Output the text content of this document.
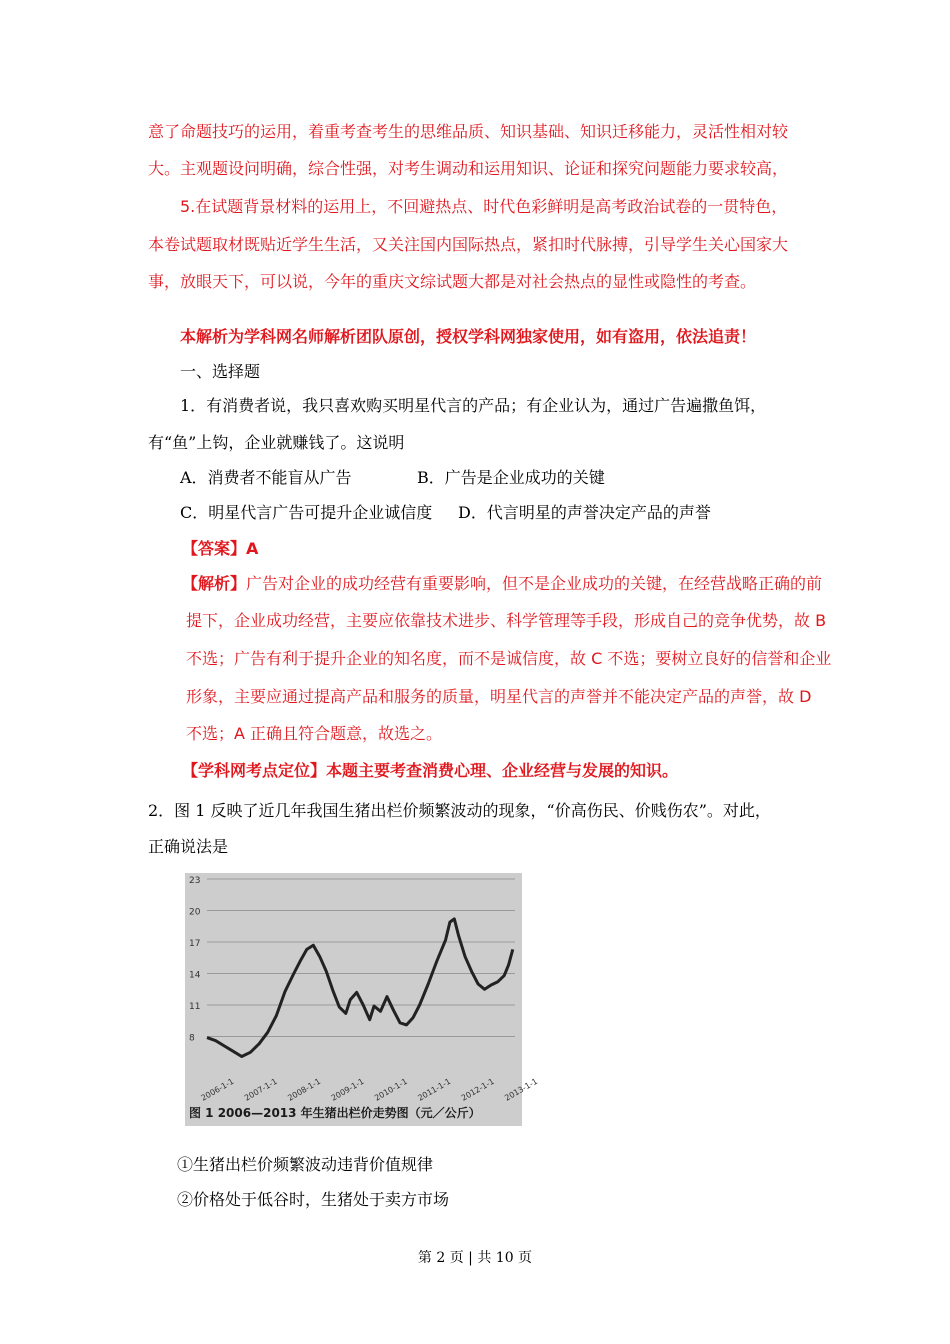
意了命题技巧的运用，着重考查考生的思维品质、知识基础、知识迁移能力，灵活性相对较
大。主观题设问明确，综合性强，对考生调动和运用知识、论证和探究问题能力要求较高，
5.在试题背景材料的运用上，不回避热点、时代色彩鲜明是高考政治试卷的一贯特色，
本卷试题取材既贴近学生生活，又关注国内国际热点，紧扣时代脉搏，引导学生关心国家大
事，放眼天下，可以说，今年的重庆文综试题大都是对社会热点的显性或隐性的考查。
本解析为学科网名师解析团队原创，授权学科网独家使用，如有盗用，依法追责！
一、选择题
1．有消费者说，我只喜欢购买明星代言的产品；有企业认为，通过广告遍撒鱼饵，
有“鱼”上钩，企业就赚钱了。这说明
A．消费者不能盲从广告	B．广告是企业成功的关键
C．明星代言广告可提升企业诚信度 D．代言明星的声誉决定产品的声誉
【答案】A
【解析】广告对企业的成功经营有重要影响，但不是企业成功的关键，在经营战略正确的前
提下，企业成功经营，主要应依靠技术进步、科学管理等手段，形成自己的竞争优势，故 B
不选；广告有利于提升企业的知名度，而不是诚信度，故 C 不选；要树立良好的信誉和企业
形象，主要应通过提高产品和服务的质量，明星代言的声誉并不能决定产品的声誉，故 D
不选；A 正确且符合题意，故选之。
【学科网考点定位】本题主要考查消费心理、企业经营与发展的知识。
2．图 1 反映了近几年我国生猪出栏价频繁波动的现象，“价高伤民、价贱伤农”。对此，
正确说法是
8
11
14
17
20
23
2006-1-1 2007-1-1 2008-1-1 2009-1-1 2010-1-1 2011-1-1 2012-1-1 2013-1-1
图 1 2006—2013 年生猪出栏价走势图（元／公斤）
①生猪出栏价频繁波动违背价值规律
②价格处于低谷时，生猪处于卖方市场
第 2 页 | 共 10 页
